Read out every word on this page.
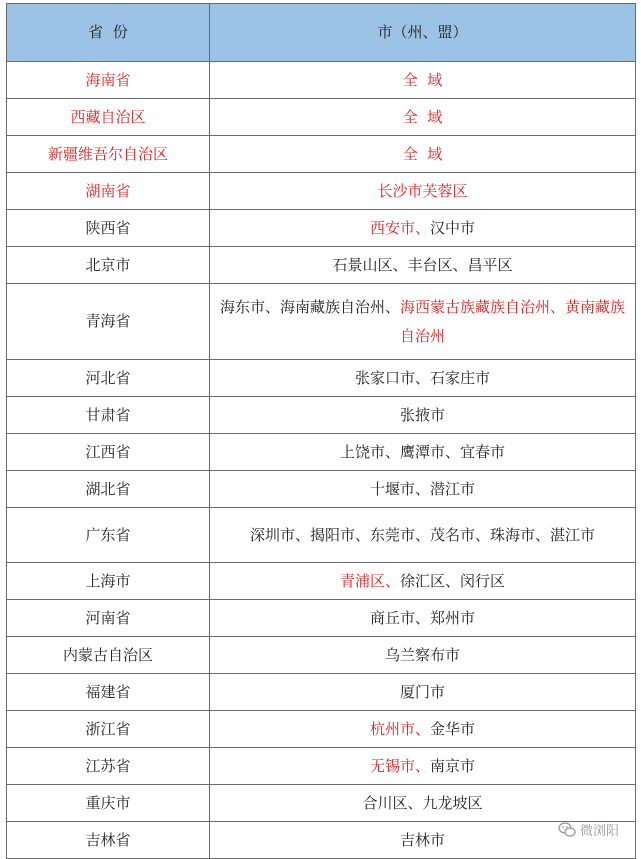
省  份	市（州、盟）
海南省	全  域
西藏自治区	全  域
新疆维吾尔自治区	全  域
湖南省	长沙市芙蓉区
陕西省	西安市、汉中市
北京市	石景山区、丰台区、昌平区
青海省	海东市、海南藏族自治州、海西蒙古族藏族自治州、黄南藏族自治州
河北省	张家口市、石家庄市
甘肃省	张掖市
江西省	上饶市、鹰潭市、宜春市
湖北省	十堰市、潜江市
广东省	深圳市、揭阳市、东莞市、茂名市、珠海市、湛江市
上海市	青浦区、徐汇区、闵行区
河南省	商丘市、郑州市
内蒙古自治区	乌兰察布市
福建省	厦门市
浙江省	杭州市、金华市
江苏省	无锡市、南京市
重庆市	合川区、九龙坡区
吉林省	吉林市	微浏阳
